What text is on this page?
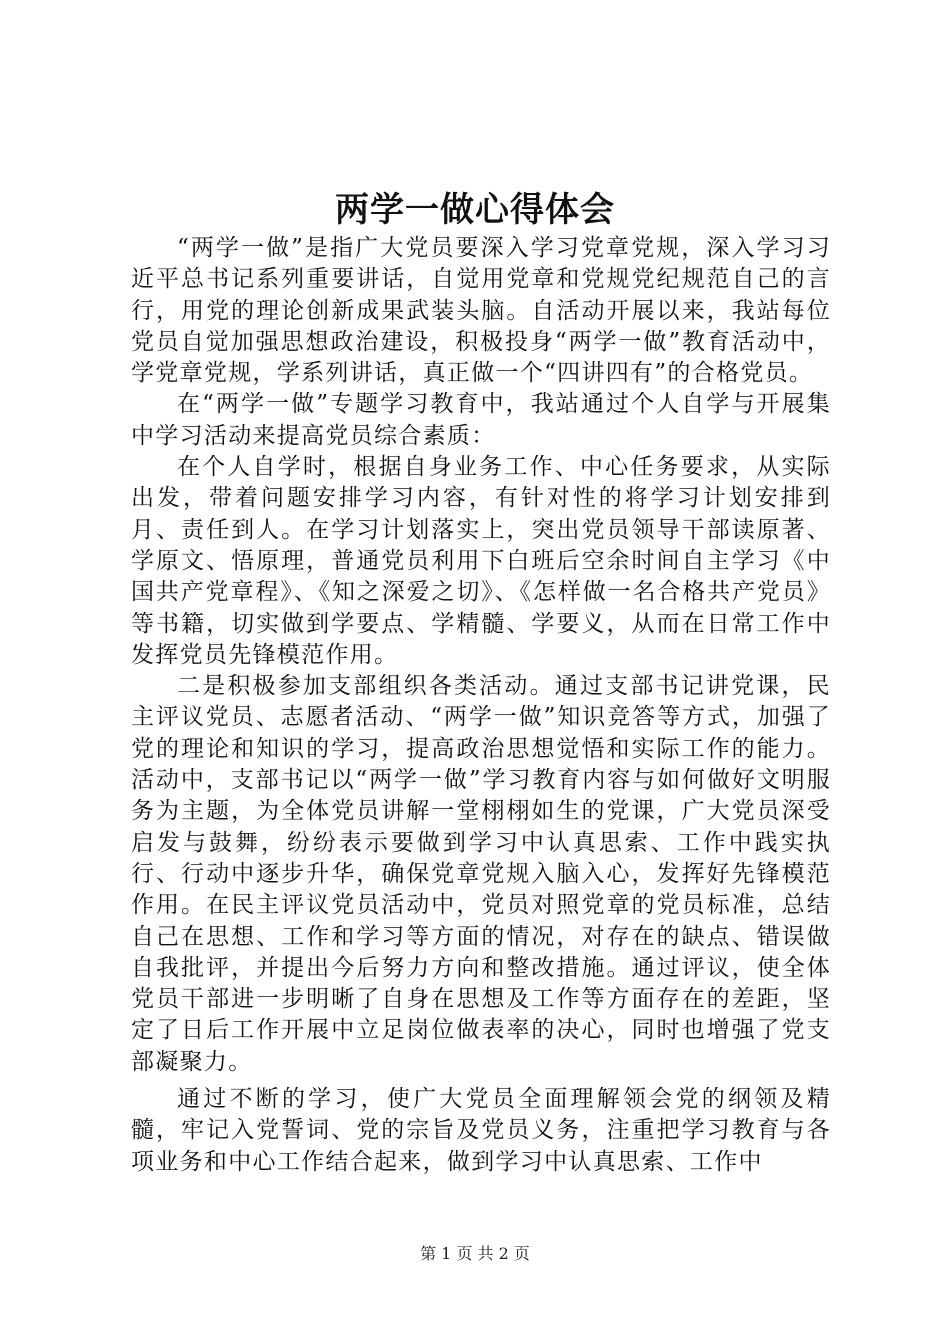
两学一做心得体会

“两学一做”是指广大党员要深入学习党章党规，深入学习习近平总书记系列重要讲话，自觉用党章和党规党纪规范自己的言行，用党的理论创新成果武装头脑。自活动开展以来，我站每位党员自觉加强思想政治建设，积极投身“两学一做”教育活动中，学党章党规，学系列讲话，真正做一个“四讲四有”的合格党员。

在“两学一做”专题学习教育中，我站通过个人自学与开展集中学习活动来提高党员综合素质：

在个人自学时，根据自身业务工作、中心任务要求，从实际出发，带着问题安排学习内容，有针对性的将学习计划安排到月、责任到人。在学习计划落实上，突出党员领导干部读原著、学原文、悟原理，普通党员利用下白班后空余时间自主学习《中国共产党章程》、《知之深爱之切》、《怎样做一名合格共产党员》等书籍，切实做到学要点、学精髓、学要义，从而在日常工作中发挥党员先锋模范作用。

二是积极参加支部组织各类活动。通过支部书记讲党课，民主评议党员、志愿者活动、“两学一做”知识竞答等方式，加强了党的理论和知识的学习，提高政治思想觉悟和实际工作的能力。活动中，支部书记以“两学一做”学习教育内容与如何做好文明服务为主题，为全体党员讲解一堂栩栩如生的党课，广大党员深受启发与鼓舞，纷纷表示要做到学习中认真思索、工作中践实执行、行动中逐步升华，确保党章党规入脑入心，发挥好先锋模范作用。在民主评议党员活动中，党员对照党章的党员标准，总结自己在思想、工作和学习等方面的情况，对存在的缺点、错误做自我批评，并提出今后努力方向和整改措施。通过评议，使全体党员干部进一步明晰了自身在思想及工作等方面存在的差距，坚定了日后工作开展中立足岗位做表率的决心，同时也增强了党支部凝聚力。

通过不断的学习，使广大党员全面理解领会党的纲领及精髓，牢记入党誓词、党的宗旨及党员义务，注重把学习教育与各项业务和中心工作结合起来，做到学习中认真思索、工作中

第 1 页 共 2 页
